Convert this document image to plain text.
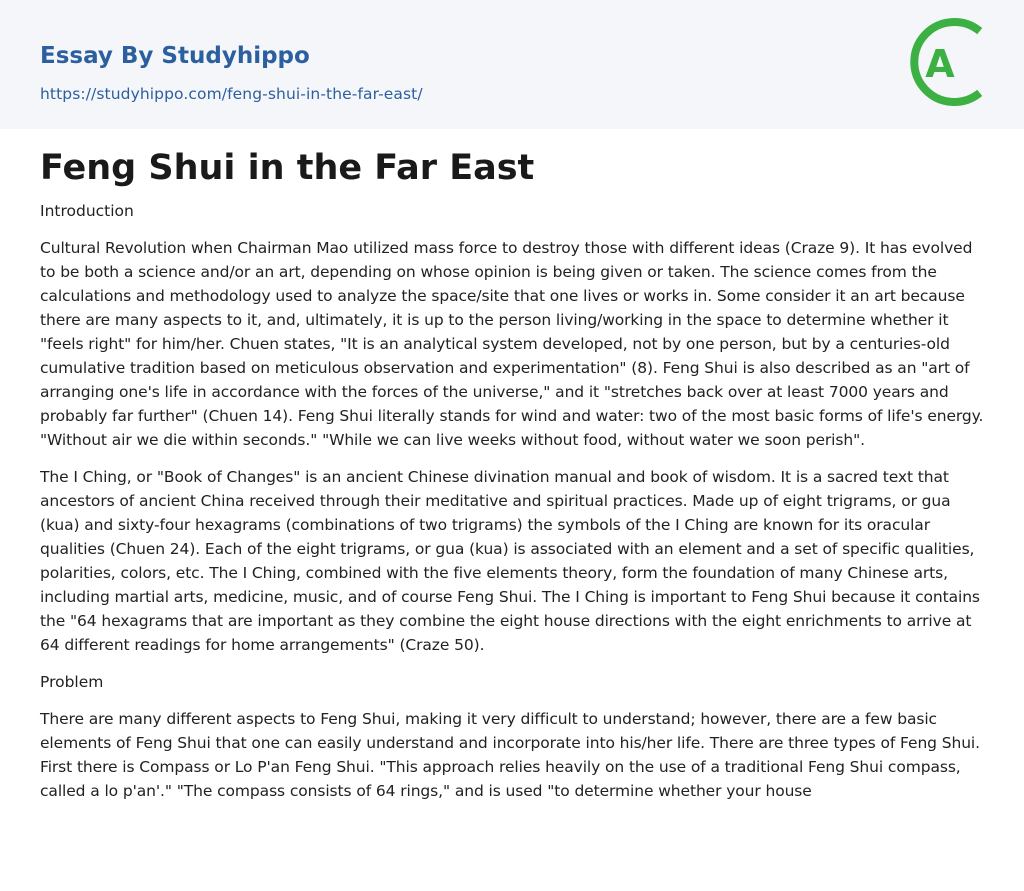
Essay By Studyhippo
https://studyhippo.com/feng-shui-in-the-far-east/
A
Feng Shui in the Far East
Introduction

Cultural Revolution when Chairman Mao utilized mass force to destroy those with different ideas (Craze 9). It has evolved to be both a science and/or an art, depending on whose opinion is being given or taken. The science comes from the calculations and methodology used to analyze the space/site that one lives or works in. Some consider it an art because there are many aspects to it, and, ultimately, it is up to the person living/working in the space to determine whether it "feels right" for him/her. Chuen states, "It is an analytical system developed, not by one person, but by a centuries-old cumulative tradition based on meticulous observation and experimentation" (8). Feng Shui is also described as an "art of arranging one's life in accordance with the forces of the universe," and it "stretches back over at least 7000 years and probably far further" (Chuen 14). Feng Shui literally stands for wind and water: two of the most basic forms of life's energy. "Without air we die within seconds." "While we can live weeks without food, without water we soon perish".

The I Ching, or "Book of Changes" is an ancient Chinese divination manual and book of wisdom. It is a sacred text that ancestors of ancient China received through their meditative and spiritual practices. Made up of eight trigrams, or gua (kua) and sixty-four hexagrams (combinations of two trigrams) the symbols of the I Ching are known for its oracular qualities (Chuen 24). Each of the eight trigrams, or gua (kua) is associated with an element and a set of specific qualities, polarities, colors, etc. The I Ching, combined with the five elements theory, form the foundation of many Chinese arts, including martial arts, medicine, music, and of course Feng Shui. The I Ching is important to Feng Shui because it contains the "64 hexagrams that are important as they combine the eight house directions with the eight enrichments to arrive at 64 different readings for home arrangements" (Craze 50).

Problem

There are many different aspects to Feng Shui, making it very difficult to understand; however, there are a few basic elements of Feng Shui that one can easily understand and incorporate into his/her life. There are three types of Feng Shui. First there is Compass or Lo P'an Feng Shui. "This approach relies heavily on the use of a traditional Feng Shui compass, called a lo p'an'." "The compass consists of 64 rings," and is used "to determine whether your house
